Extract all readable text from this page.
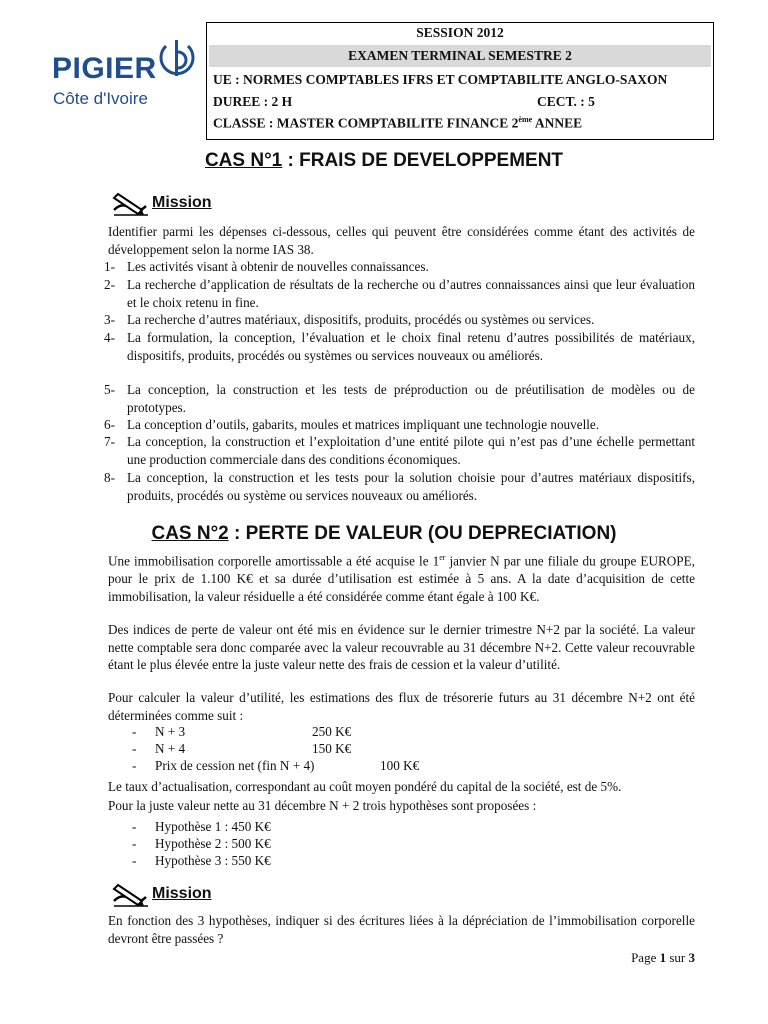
PIGIER
Côte d'Ivoire
SESSION 2012
EXAMEN TERMINAL SEMESTRE 2
UE : NORMES COMPTABLES IFRS ET COMPTABILITE ANGLO-SAXON
DUREE : 2 H	CECT. : 5
CLASSE : MASTER COMPTABILITE FINANCE 2ème ANNEE
CAS N°1 : FRAIS DE DEVELOPPEMENT
Mission
Identifier parmi les dépenses ci-dessous, celles qui peuvent être considérées comme étant des activités de développement selon la norme IAS 38.
1- Les activités visant à obtenir de nouvelles connaissances.
2- La recherche d’application de résultats de la recherche ou d’autres connaissances ainsi que leur évaluation et le choix retenu in fine.
3- La recherche d’autres matériaux, dispositifs, produits, procédés ou systèmes ou services.
4- La formulation, la conception, l’évaluation et le choix final retenu d’autres possibilités de matériaux, dispositifs, produits, procédés ou systèmes ou services nouveaux ou améliorés.
5- La conception, la construction et les tests de préproduction ou de préutilisation de modèles ou de prototypes.
6- La conception d’outils, gabarits, moules et matrices impliquant une technologie nouvelle.
7- La conception, la construction et l’exploitation d’une entité pilote qui n’est pas d’une échelle permettant une production commerciale dans des conditions économiques.
8- La conception, la construction et les tests pour la solution choisie pour d’autres matériaux dispositifs, produits, procédés ou système ou services nouveaux ou améliorés.
CAS N°2 : PERTE DE VALEUR (OU DEPRECIATION)
Une immobilisation corporelle amortissable a été acquise le 1er janvier N par une filiale du groupe EUROPE, pour le prix de 1.100 K€ et sa durée d’utilisation est estimée à 5 ans. A la date d’acquisition de cette immobilisation, la valeur résiduelle a été considérée comme étant égale à 100 K€.
Des indices de perte de valeur ont été mis en évidence sur le dernier trimestre N+2 par la société. La valeur nette comptable sera donc comparée avec la valeur recouvrable au 31 décembre N+2. Cette valeur recouvrable étant le plus élevée entre la juste valeur nette des frais de cession et la valeur d’utilité.
Pour calculer la valeur d’utilité, les estimations des flux de trésorerie futurs au 31 décembre N+2 ont été déterminées comme suit :
- N + 3	250 K€
- N + 4	150 K€
- Prix de cession net (fin N + 4)	100 K€
Le taux d’actualisation, correspondant au coût moyen pondéré du capital de la société, est de 5%.
Pour la juste valeur nette au 31 décembre N + 2 trois hypothèses sont proposées :
- Hypothèse 1 : 450 K€
- Hypothèse 2 : 500 K€
- Hypothèse 3 : 550 K€
Mission
En fonction des 3 hypothèses, indiquer si des écritures liées à la dépréciation de l’immobilisation corporelle devront être passées ?
Page 1 sur 3
